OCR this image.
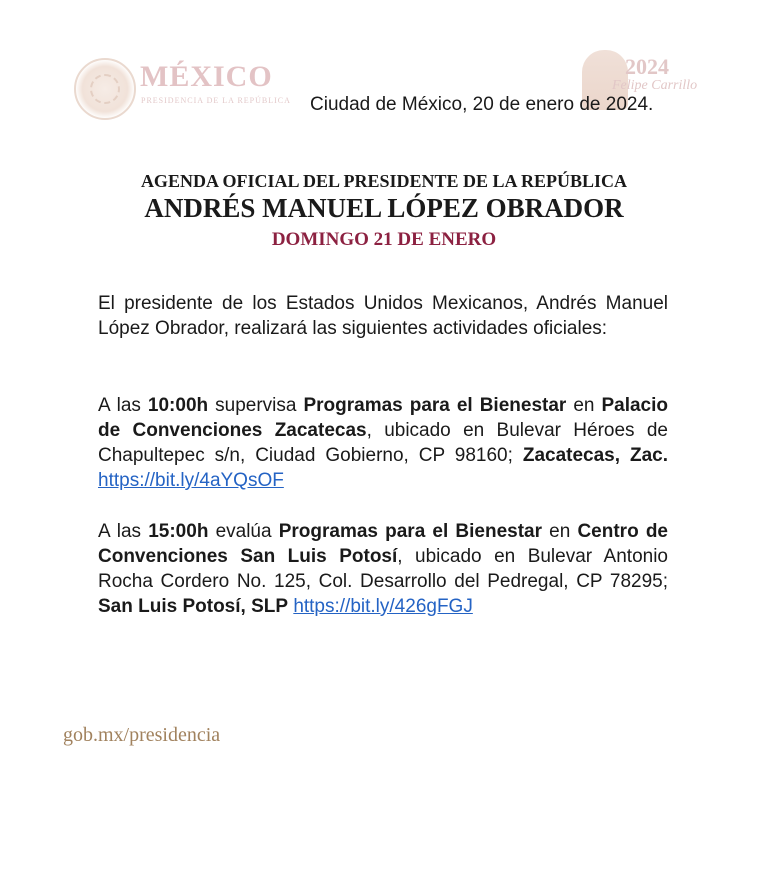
MÉXICO
PRESIDENCIA DE LA REPÚBLICA
2024
Felipe Carrillo
Ciudad de México, 20 de enero de 2024.
AGENDA OFICIAL DEL PRESIDENTE DE LA REPÚBLICA
ANDRÉS MANUEL LÓPEZ OBRADOR
DOMINGO 21 DE ENERO

El presidente de los Estados Unidos Mexicanos, Andrés Manuel López Obrador, realizará las siguientes actividades oficiales:

A las 10:00h supervisa Programas para el Bienestar en Palacio de Convenciones Zacatecas, ubicado en Bulevar Héroes de Chapultepec s/n, Ciudad Gobierno, CP 98160; Zacatecas, Zac. https://bit.ly/4aYQsOF

A las 15:00h evalúa Programas para el Bienestar en Centro de Convenciones San Luis Potosí, ubicado en Bulevar Antonio Rocha Cordero No. 125, Col. Desarrollo del Pedregal, CP 78295; San Luis Potosí, SLP https://bit.ly/426gFGJ

gob.mx/presidencia
